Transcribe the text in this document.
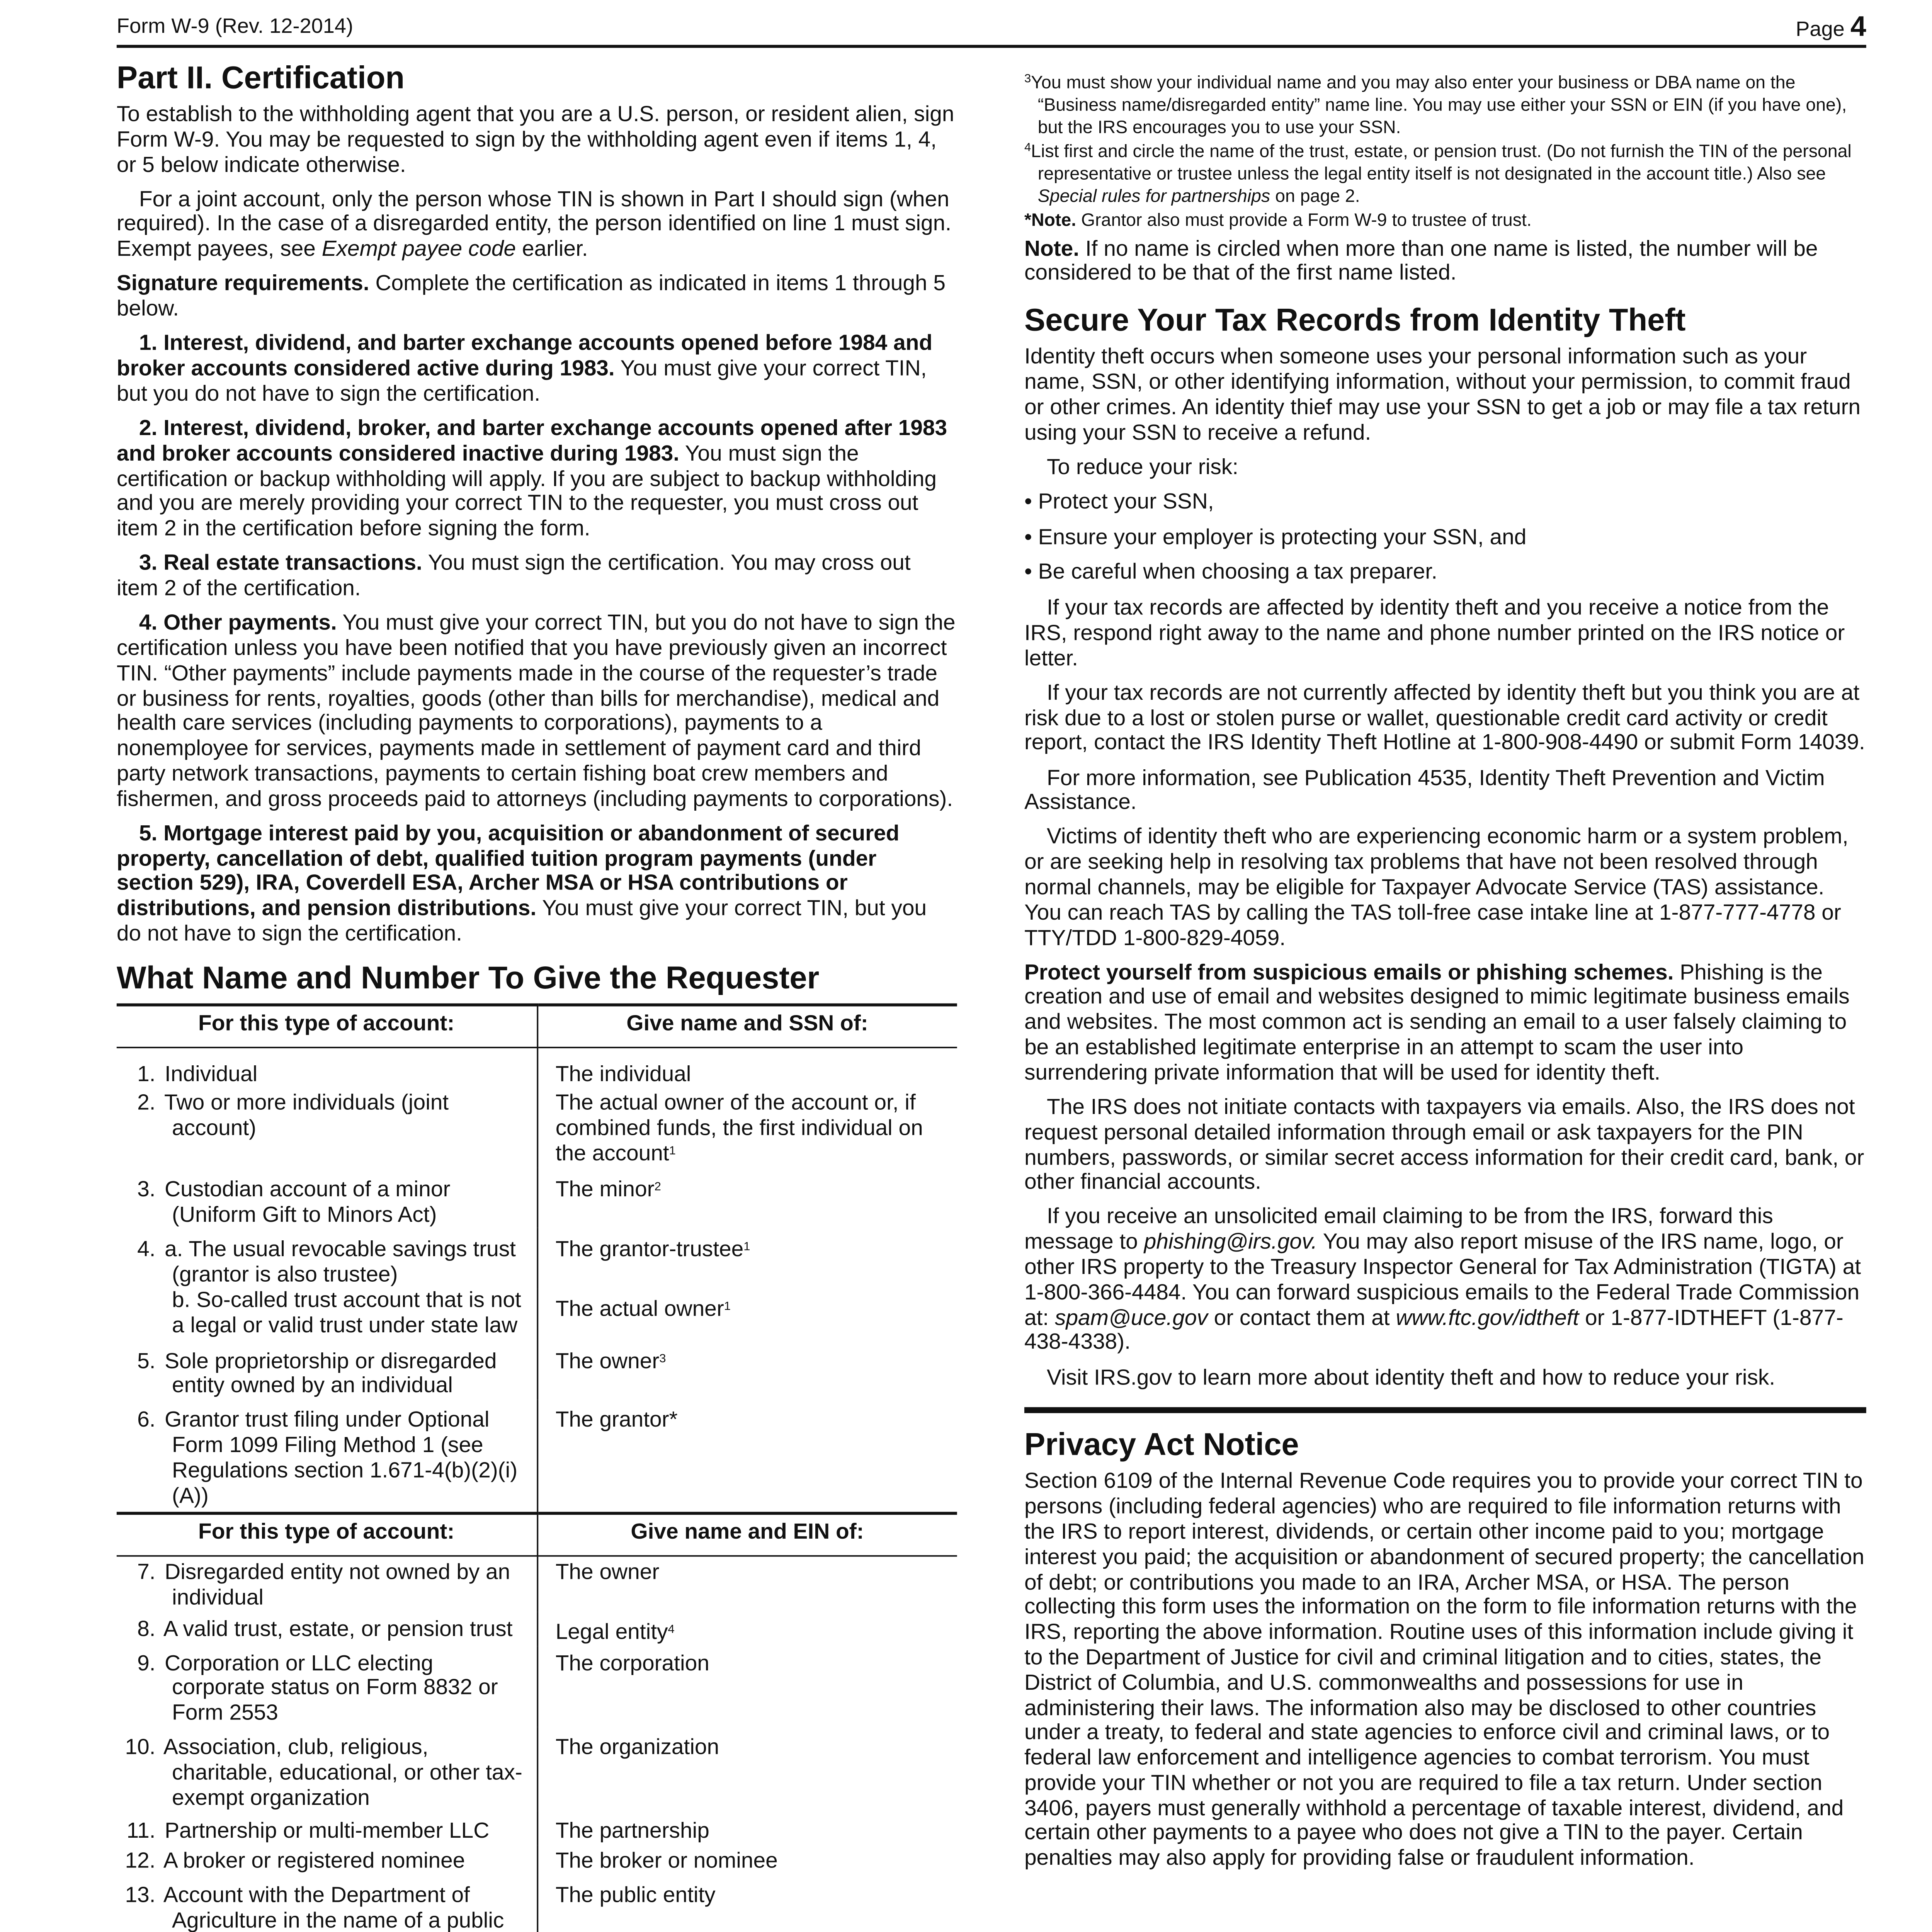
Form W-9 (Rev. 12-2014)	Page 4
Part II. Certification

To establish to the withholding agent that you are a U.S. person, or resident alien, sign Form W-9. You may be requested to sign by the withholding agent even if items 1, 4, or 5 below indicate otherwise.

For a joint account, only the person whose TIN is shown in Part I should sign (when required). In the case of a disregarded entity, the person identified on line 1 must sign. Exempt payees, see Exempt payee code earlier.

Signature requirements. Complete the certification as indicated in items 1 through 5 below.

1. Interest, dividend, and barter exchange accounts opened before 1984 and broker accounts considered active during 1983. You must give your correct TIN, but you do not have to sign the certification.

2. Interest, dividend, broker, and barter exchange accounts opened after 1983 and broker accounts considered inactive during 1983. You must sign the certification or backup withholding will apply. If you are subject to backup withholding and you are merely providing your correct TIN to the requester, you must cross out item 2 in the certification before signing the form.

3. Real estate transactions. You must sign the certification. You may cross out item 2 of the certification.

4. Other payments. You must give your correct TIN, but you do not have to sign the certification unless you have been notified that you have previously given an incorrect TIN. “Other payments” include payments made in the course of the requester’s trade or business for rents, royalties, goods (other than bills for merchandise), medical and health care services (including payments to corporations), payments to a nonemployee for services, payments made in settlement of payment card and third party network transactions, payments to certain fishing boat crew members and fishermen, and gross proceeds paid to attorneys (including payments to corporations).

5. Mortgage interest paid by you, acquisition or abandonment of secured property, cancellation of debt, qualified tuition program payments (under section 529), IRA, Coverdell ESA, Archer MSA or HSA contributions or distributions, and pension distributions. You must give your correct TIN, but you do not have to sign the certification.

What Name and Number To Give the Requester
For this type of account:	Give name and SSN of:

1. Individual	The individual

2. Two or more individuals (joint account)	The actual owner of the account or, if combined funds, the first individual on the account$^1$

3. Custodian account of a minor (Uniform Gift to Minors Act)	The minor$^2$

4. a. The usual revocable savings trust (grantor is also trustee)	The grantor-trustee$^1$

b. So-called trust account that is not a legal or valid trust under state law	The actual owner$^1$

5. Sole proprietorship or disregarded entity owned by an individual	The owner$^3$

6. Grantor trust filing under Optional Form 1099 Filing Method 1 (see Regulations section 1.671-4(b)(2)(i)(A))	The grantor*
For this type of account:	Give name and EIN of:

7. Disregarded entity not owned by an individual	The owner

8. A valid trust, estate, or pension trust	Legal entity$^4$

9. Corporation or LLC electing corporate status on Form 8832 or Form 2553	The corporation

10. Association, club, religious, charitable, educational, or other tax-exempt organization	The organization

11. Partnership or multi-member LLC	The partnership

12. A broker or registered nominee	The broker or nominee

13. Account with the Department of Agriculture in the name of a public	The public entity

$^3$You must show your individual name and you may also enter your business or DBA name on the “Business name/disregarded entity” name line. You may use either your SSN or EIN (if you have one), but the IRS encourages you to use your SSN.

$^4$List first and circle the name of the trust, estate, or pension trust. (Do not furnish the TIN of the personal representative or trustee unless the legal entity itself is not designated in the account title.) Also see Special rules for partnerships on page 2.

*Note. Grantor also must provide a Form W-9 to trustee of trust.

Note. If no name is circled when more than one name is listed, the number will be considered to be that of the first name listed.

Secure Your Tax Records from Identity Theft

Identity theft occurs when someone uses your personal information such as your name, SSN, or other identifying information, without your permission, to commit fraud or other crimes. An identity thief may use your SSN to get a job or may file a tax return using your SSN to receive a refund.

To reduce your risk:

• Protect your SSN,

• Ensure your employer is protecting your SSN, and

• Be careful when choosing a tax preparer.

If your tax records are affected by identity theft and you receive a notice from the IRS, respond right away to the name and phone number printed on the IRS notice or letter.

If your tax records are not currently affected by identity theft but you think you are at risk due to a lost or stolen purse or wallet, questionable credit card activity or credit report, contact the IRS Identity Theft Hotline at 1-800-908-4490 or submit Form 14039.

For more information, see Publication 4535, Identity Theft Prevention and Victim Assistance.

Victims of identity theft who are experiencing economic harm or a system problem, or are seeking help in resolving tax problems that have not been resolved through normal channels, may be eligible for Taxpayer Advocate Service (TAS) assistance. You can reach TAS by calling the TAS toll-free case intake line at 1-877-777-4778 or TTY/TDD 1-800-829-4059.

Protect yourself from suspicious emails or phishing schemes. Phishing is the creation and use of email and websites designed to mimic legitimate business emails and websites. The most common act is sending an email to a user falsely claiming to be an established legitimate enterprise in an attempt to scam the user into surrendering private information that will be used for identity theft.

The IRS does not initiate contacts with taxpayers via emails. Also, the IRS does not request personal detailed information through email or ask taxpayers for the PIN numbers, passwords, or similar secret access information for their credit card, bank, or other financial accounts.

If you receive an unsolicited email claiming to be from the IRS, forward this message to phishing@irs.gov. You may also report misuse of the IRS name, logo, or other IRS property to the Treasury Inspector General for Tax Administration (TIGTA) at 1-800-366-4484. You can forward suspicious emails to the Federal Trade Commission at: spam@uce.gov or contact them at www.ftc.gov/idtheft or 1-877-IDTHEFT (1-877-438-4338).

Visit IRS.gov to learn more about identity theft and how to reduce your risk.

Privacy Act Notice

Section 6109 of the Internal Revenue Code requires you to provide your correct TIN to persons (including federal agencies) who are required to file information returns with the IRS to report interest, dividends, or certain other income paid to you; mortgage interest you paid; the acquisition or abandonment of secured property; the cancellation of debt; or contributions you made to an IRA, Archer MSA, or HSA. The person collecting this form uses the information on the form to file information returns with the IRS, reporting the above information. Routine uses of this information include giving it to the Department of Justice for civil and criminal litigation and to cities, states, the District of Columbia, and U.S. commonwealths and possessions for use in administering their laws. The information also may be disclosed to other countries under a treaty, to federal and state agencies to enforce civil and criminal laws, or to federal law enforcement and intelligence agencies to combat terrorism. You must provide your TIN whether or not you are required to file a tax return. Under section 3406, payers must generally withhold a percentage of taxable interest, dividend, and certain other payments to a payee who does not give a TIN to the payer. Certain penalties may also apply for providing false or fraudulent information.
